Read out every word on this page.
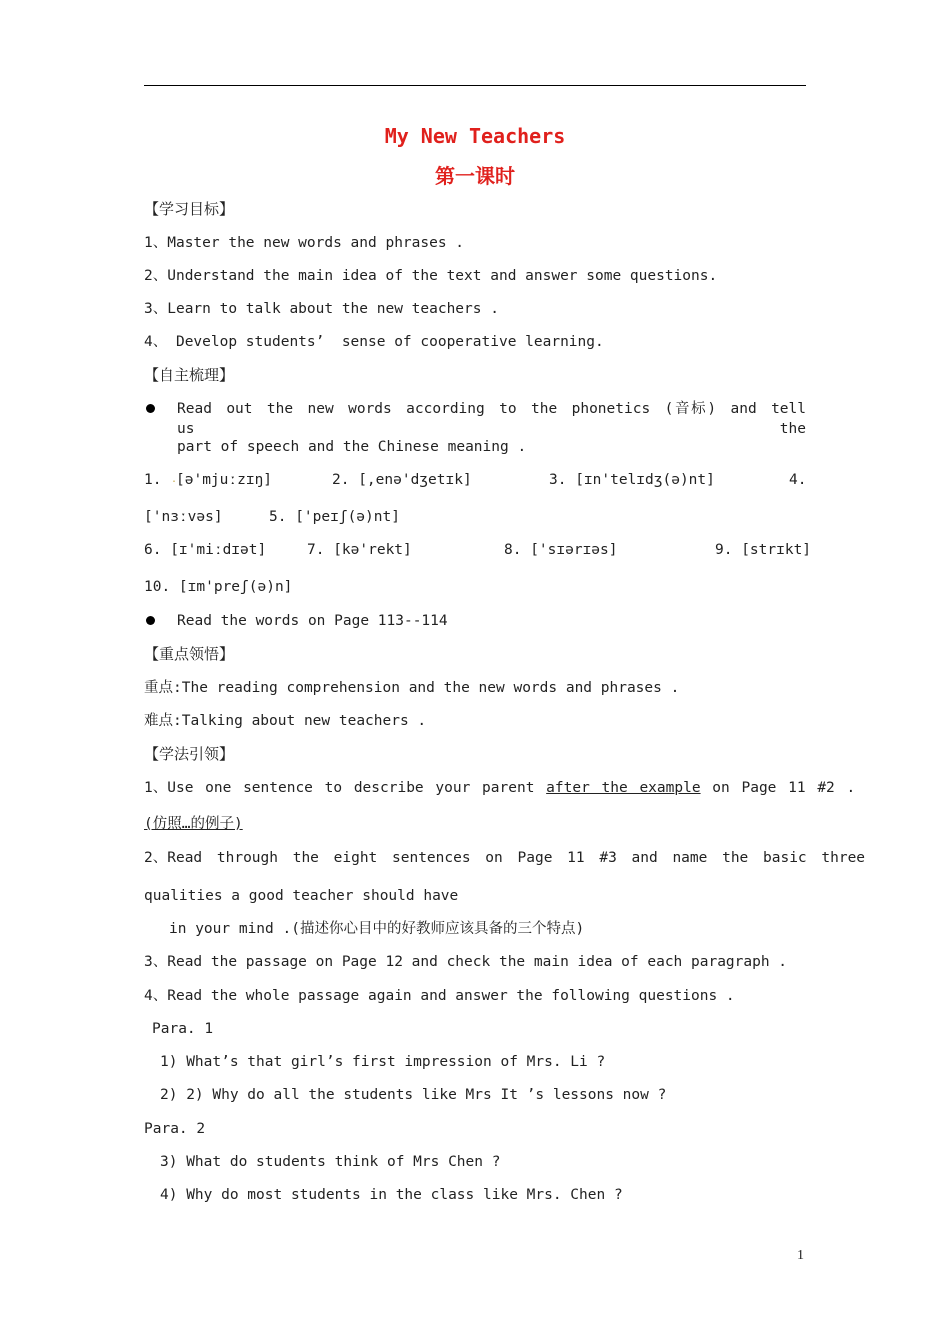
My New Teachers
第一课时
【学习目标】
1、Master the new words and phrases .
2、Understand the main idea of the text and answer some questions.
3、Learn to talk about the new teachers .
4、 Develop students’  sense of cooperative learning.
【自主梳理】
Read out the new words according to the phonetics (音标) and tell us the
part of speech and the Chinese meaning .
1. .
[ə'mjuːzɪŋ]	2. [,enə'dʒetɪk]	3. [ɪn'telɪdʒ(ə)nt]	4.
['nɜːvəs]	5. ['peɪʃ(ə)nt]
6. [ɪ'miːdɪət]	7. [kə'rekt]	8. ['sɪərɪəs]	9. [strɪkt]
10. [ɪm'preʃ(ə)n]
Read the words on Page 113--114
【重点领悟】
重点:The reading comprehension and the new words and phrases .
难点:Talking about new teachers .
【学法引领】
1、Use one sentence to describe your parent after the example on Page 11 #2 .
(仿照…的例子)
2、Read through the eight sentences on Page 11 #3 and name the basic three
qualities a good teacher should have
in your mind .(描述你心目中的好教师应该具备的三个特点)
3、Read the passage on Page 12 and check the main idea of each paragraph .
4、Read the whole passage again and answer the following questions .
Para. 1
1) What’s that girl’s first impression of Mrs. Li ?
2) 2) Why do all the students like Mrs It ’s lessons now ?
Para. 2
3) What do students think of Mrs Chen ?
4) Why do most students in the class like Mrs. Chen ?
1
